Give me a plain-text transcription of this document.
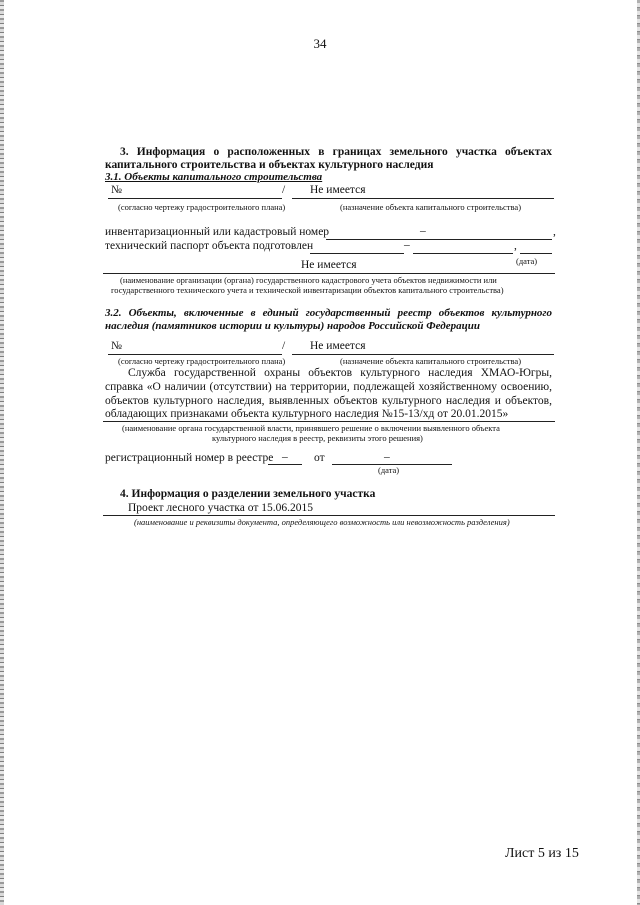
34
3. Информация о расположенных в границах земельного участка объектах
капитального строительства и объектах культурного наследия
3.1. Объекты капитального строительства
№	/ Не имеется
(согласно чертежу градостроительного плана)	(назначение объекта капитального строительства)
инвентаризационный или кадастровый номер	–	,
технический паспорт объекта подготовлен	–	,
(дата)
Не имеется
(наименование организации (органа) государственного кадастрового учета объектов недвижимости или
государственного технического учета и технической инвентаризации объектов капитального строительства)
3.2. Объекты, включенные в единый государственный реестр объектов культурного
наследия (памятников истории и культуры) народов Российской Федерации
№	/ Не имеется
(согласно чертежу градостроительного плана)	(назначение объекта капитального строительства)
Служба государственной охраны объектов культурного наследия ХМАО-Югры,
справка «О наличии (отсутствии) на территории, подлежащей хозяйственному освоению,
объектов культурного наследия, выявленных объектов культурного наследия и объектов,
обладающих признаками объекта культурного наследия №15-13/хд от 20.01.2015»
(наименование органа государственной власти, принявшего решение о включении выявленного объекта
культурного наследия в реестр, реквизиты этого решения)
регистрационный номер в реестре – от	–
(дата)
4. Информация о разделении земельного участка
Проект лесного участка от 15.06.2015
(наименование и реквизиты документа, определяющего возможность или невозможность разделения)
Лист 5 из 15
